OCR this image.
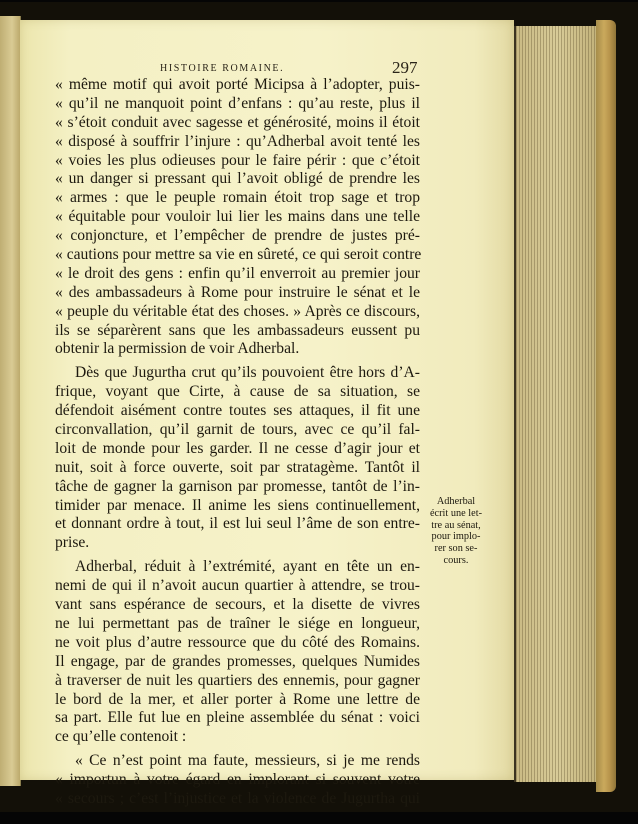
HISTOIRE ROMAINE.	297
« même motif qui avoit porté Micipsa à l’adopter, puis-
« qu’il ne manquoit point d’enfans : qu’au reste, plus il
« s’étoit conduit avec sagesse et générosité, moins il étoit
« disposé à souffrir l’injure : qu’Adherbal avoit tenté les
« voies les plus odieuses pour le faire périr : que c’étoit
« un danger si pressant qui l’avoit obligé de prendre les
« armes : que le peuple romain étoit trop sage et trop
« équitable pour vouloir lui lier les mains dans une telle
« conjoncture, et l’empêcher de prendre de justes pré-
« cautions pour mettre sa vie en sûreté, ce qui seroit contre
« le droit des gens : enfin qu’il enverroit au premier jour
« des ambassadeurs à Rome pour instruire le sénat et le
« peuple du véritable état des choses. » Après ce discours,
ils se séparèrent sans que les ambassadeurs eussent pu
obtenir la permission de voir Adherbal.
Dès que Jugurtha crut qu’ils pouvoient être hors d’A-
frique, voyant que Cirte, à cause de sa situation, se
défendoit aisément contre toutes ses attaques, il fit une
circonvallation, qu’il garnit de tours, avec ce qu’il fal-
loit de monde pour les garder. Il ne cesse d’agir jour et
nuit, soit à force ouverte, soit par stratagème. Tantôt il
tâche de gagner la garnison par promesse, tantôt de l’in-
timider par menace. Il anime les siens continuellement,
et donnant ordre à tout, il est lui seul l’âme de son entre-
prise.
Adherbal, réduit à l’extrémité, ayant en tête un en-
nemi de qui il n’avoit aucun quartier à attendre, se trou-
vant sans espérance de secours, et la disette de vivres
ne lui permettant pas de traîner le siége en longueur,
ne voit plus d’autre ressource que du côté des Romains.
Il engage, par de grandes promesses, quelques Numides
à traverser de nuit les quartiers des ennemis, pour gagner
le bord de la mer, et aller porter à Rome une lettre de
sa part. Elle fut lue en pleine assemblée du sénat : voici
ce qu’elle contenoit :
« Ce n’est point ma faute, messieurs, si je me rends
« importun à votre égard en implorant si souvent votre
« secours ; c’est l’injustice et la violence de Jugurtha qui
Adherbal
écrit une let-
tre au sénat,
pour implo-
rer son se-
cours.
